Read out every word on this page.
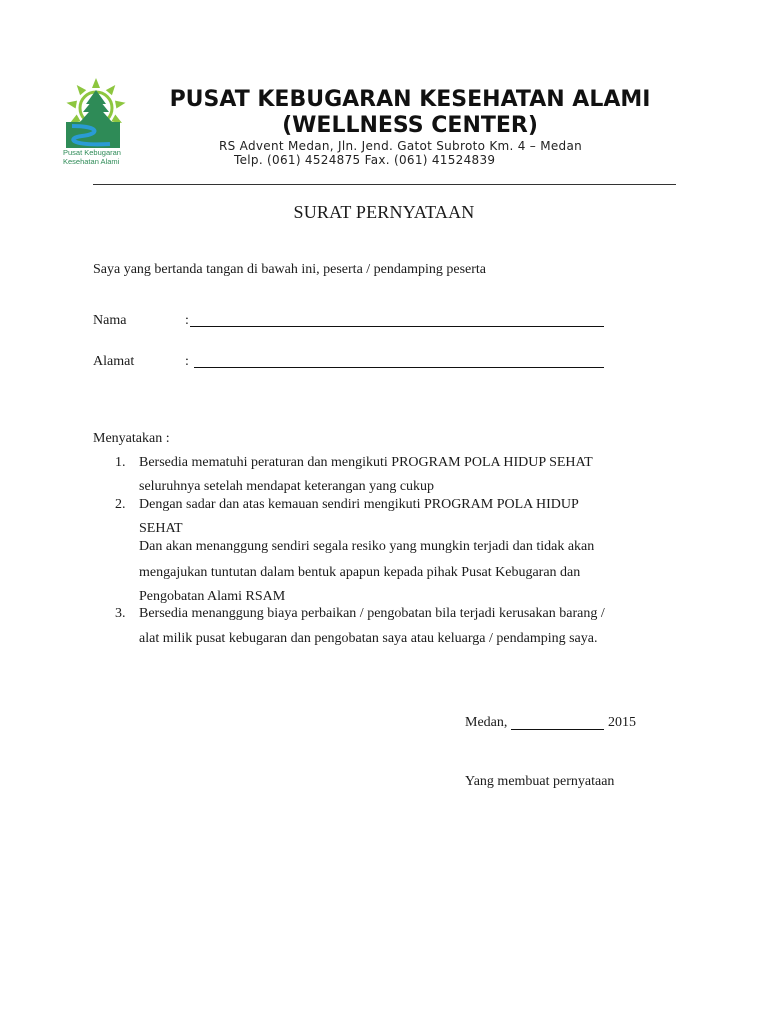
Pusat Kebugaran
Kesehatan Alami
PUSAT KEBUGARAN KESEHATAN ALAMI
(WELLNESS CENTER)
RS Advent Medan, Jln. Jend. Gatot Subroto Km. 4 – Medan
Telp. (061) 4524875 Fax. (061) 41524839
SURAT PERNYATAAN
Saya yang bertanda tangan di bawah ini, peserta / pendamping peserta
Nama	:
Alamat	:
Menyatakan :
1. Bersedia mematuhi peraturan dan mengikuti PROGRAM POLA HIDUP SEHAT
seluruhnya setelah mendapat keterangan yang cukup
2. Dengan sadar dan atas kemauan sendiri mengikuti PROGRAM POLA HIDUP
SEHAT
Dan akan menanggung sendiri segala resiko yang mungkin terjadi dan tidak akan
mengajukan tuntutan dalam bentuk apapun kepada pihak Pusat Kebugaran dan
Pengobatan Alami RSAM
3. Bersedia menanggung biaya perbaikan / pengobatan bila terjadi kerusakan barang /
alat milik pusat kebugaran dan pengobatan saya atau keluarga / pendamping saya.
Medan,	2015
Yang membuat pernyataan
